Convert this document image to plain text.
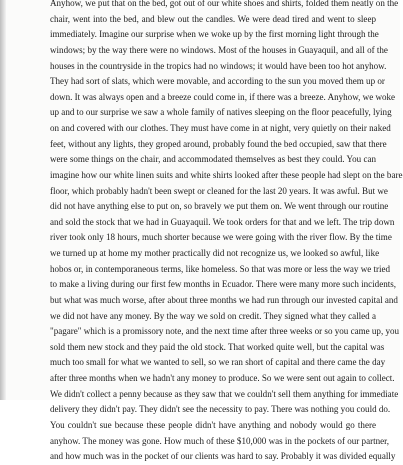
Anyhow, we put that on the bed, got out of our white shoes and shirts, folded them neatly on the
chair, went into the bed, and blew out the candles. We were dead tired and went to sleep
immediately. Imagine our surprise when we woke up by the first morning light through the
windows; by the way there were no windows. Most of the houses in Guayaquil, and all of the
houses in the countryside in the tropics had no windows; it would have been too hot anyhow.
They had sort of slats, which were movable, and according to the sun you moved them up or
down. It was always open and a breeze could come in, if there was a breeze. Anyhow, we woke
up and to our surprise we saw a whole family of natives sleeping on the floor peacefully, lying
on and covered with our clothes. They must have come in at night, very quietly on their naked
feet, without any lights, they groped around, probably found the bed occupied, saw that there
were some things on the chair, and accommodated themselves as best they could. You can
imagine how our white linen suits and white shirts looked after these people had slept on the bare
floor, which probably hadn't been swept or cleaned for the last 20 years. It was awful. But we
did not have anything else to put on, so bravely we put them on. We went through our routine
and sold the stock that we had in Guayaquil. We took orders for that and we left. The trip down
river took only 18 hours, much shorter because we were going with the river flow. By the time
we turned up at home my mother practically did not recognize us, we looked so awful, like
hobos or, in contemporaneous terms, like homeless. So that was more or less the way we tried
to make a living during our first few months in Ecuador. There were many more such incidents,
but what was much worse, after about three months we had run through our invested capital and
we did not have any money. By the way we sold on credit. They signed what they called a
"pagare" which is a promissory note, and the next time after three weeks or so you came up, you
sold them new stock and they paid the old stock. That worked quite well, but the capital was
much too small for what we wanted to sell, so we ran short of capital and there came the day
after three months when we hadn't any money to produce. So we were sent out again to collect.
We didn't collect a penny because as they saw that we couldn't sell them anything for immediate
delivery they didn't pay. They didn't see the necessity to pay. There was nothing you could do.
You couldn't sue because these people didn't have anything and nobody would go there
anyhow. The money was gone. How much of these $10,000 was in the pockets of our partner,
and how much was in the pocket of our clients was hard to say. Probably it was divided equally
